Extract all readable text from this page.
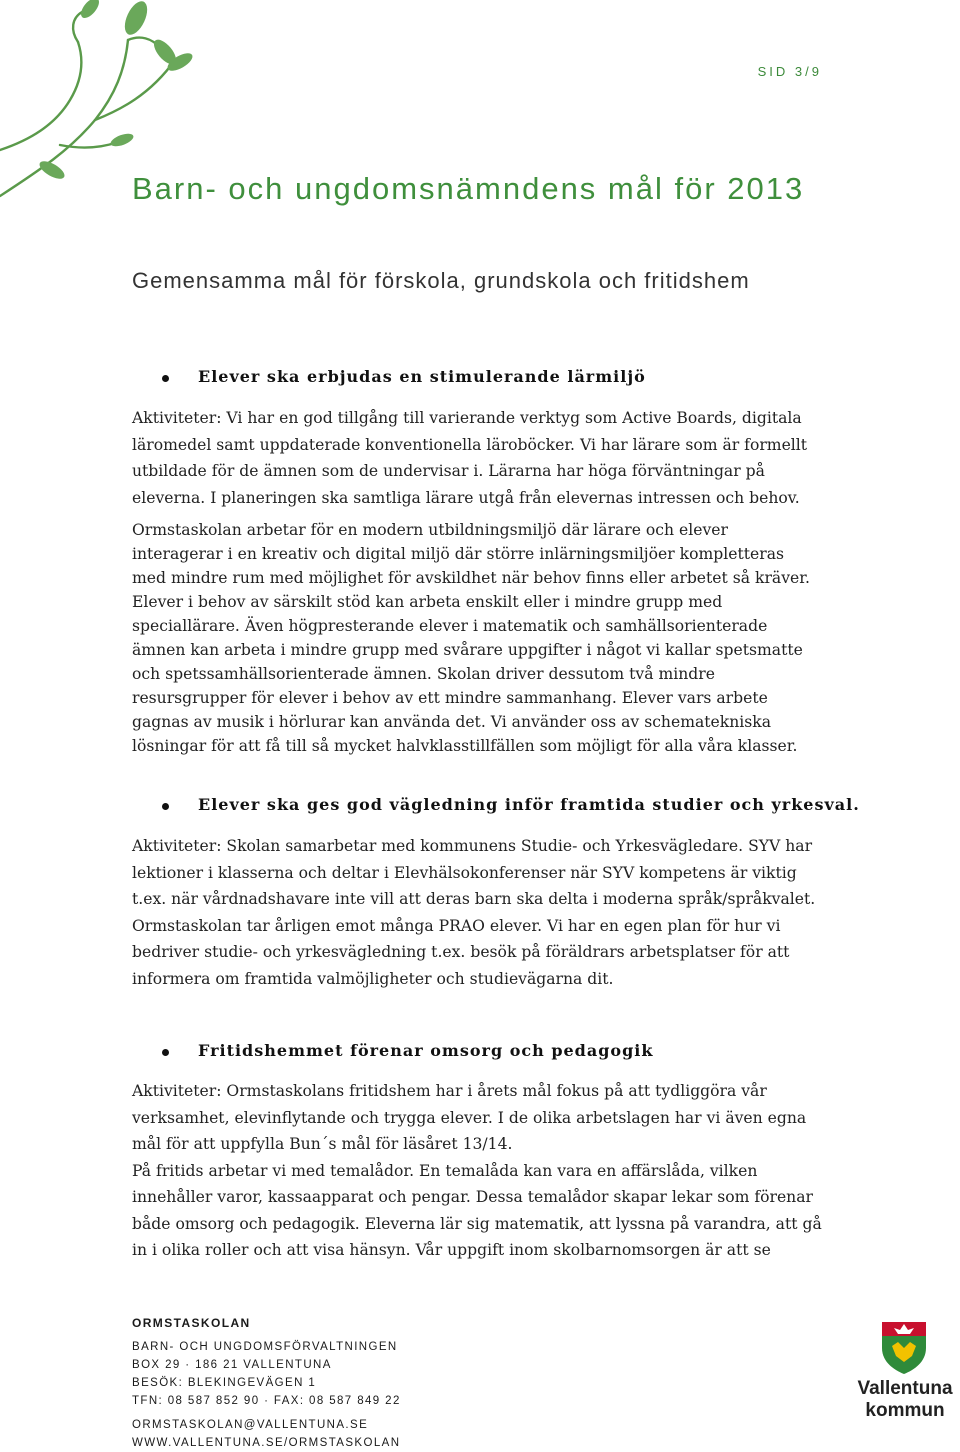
SID 3/9
Barn- och ungdomsnämndens mål för 2013
Gemensamma mål för förskola, grundskola och fritidshem
Elever ska erbjudas en stimulerande lärmiljö
Aktiviteter: Vi har en god tillgång till varierande verktyg som Active Boards, digitala
läromedel samt uppdaterade konventionella läroböcker. Vi har lärare som är formellt
utbildade för de ämnen som de undervisar i. Lärarna har höga förväntningar på
eleverna. I planeringen ska samtliga lärare utgå från elevernas intressen och behov.
Ormstaskolan arbetar för en modern utbildningsmiljö där lärare och elever
interagerar i en kreativ och digital miljö där större inlärningsmiljöer kompletteras
med mindre rum med möjlighet för avskildhet när behov finns eller arbetet så kräver.
Elever i behov av särskilt stöd kan arbeta enskilt eller i mindre grupp med
speciallärare. Även högpresterande elever i matematik och samhällsorienterade
ämnen kan arbeta i mindre grupp med svårare uppgifter i något vi kallar spetsmatte
och spetssamhällsorienterade ämnen. Skolan driver dessutom två mindre
resursgrupper för elever i behov av ett mindre sammanhang. Elever vars arbete
gagnas av musik i hörlurar kan använda det. Vi använder oss av schematekniska
lösningar för att få till så mycket halvklasstillfällen som möjligt för alla våra klasser.
Elever ska ges god vägledning inför framtida studier och yrkesval.
Aktiviteter: Skolan samarbetar med kommunens Studie- och Yrkesvägledare. SYV har
lektioner i klasserna och deltar i Elevhälsokonferenser när SYV kompetens är viktig
t.ex. när vårdnadshavare inte vill att deras barn ska delta i moderna språk/språkvalet.
Ormstaskolan tar årligen emot många PRAO elever. Vi har en egen plan för hur vi
bedriver studie- och yrkesvägledning t.ex. besök på föräldrars arbetsplatser för att
informera om framtida valmöjligheter och studievägarna dit.
Fritidshemmet förenar omsorg och pedagogik
Aktiviteter: Ormstaskolans fritidshem har i årets mål fokus på att tydliggöra vår
verksamhet, elevinflytande och trygga elever. I de olika arbetslagen har vi även egna
mål för att uppfylla Bun´s mål för läsåret 13/14.
På fritids arbetar vi med temalådor. En temalåda kan vara en affärslåda, vilken
innehåller varor, kassaapparat och pengar. Dessa temalådor skapar lekar som förenar
både omsorg och pedagogik. Eleverna lär sig matematik, att lyssna på varandra, att gå
in i olika roller och att visa hänsyn. Vår uppgift inom skolbarnomsorgen är att se
ORMSTASKOLAN
BARN- OCH UNGDOMSFÖRVALTNINGEN
BOX 29 · 186 21 VALLENTUNA
BESÖK: BLEKINGEVÄGEN 1
TFN: 08 587 852 90 · FAX: 08 587 849 22
ORMSTASKOLAN@VALLENTUNA.SE
WWW.VALLENTUNA.SE/ORMSTASKOLAN
Vallentuna
kommun
